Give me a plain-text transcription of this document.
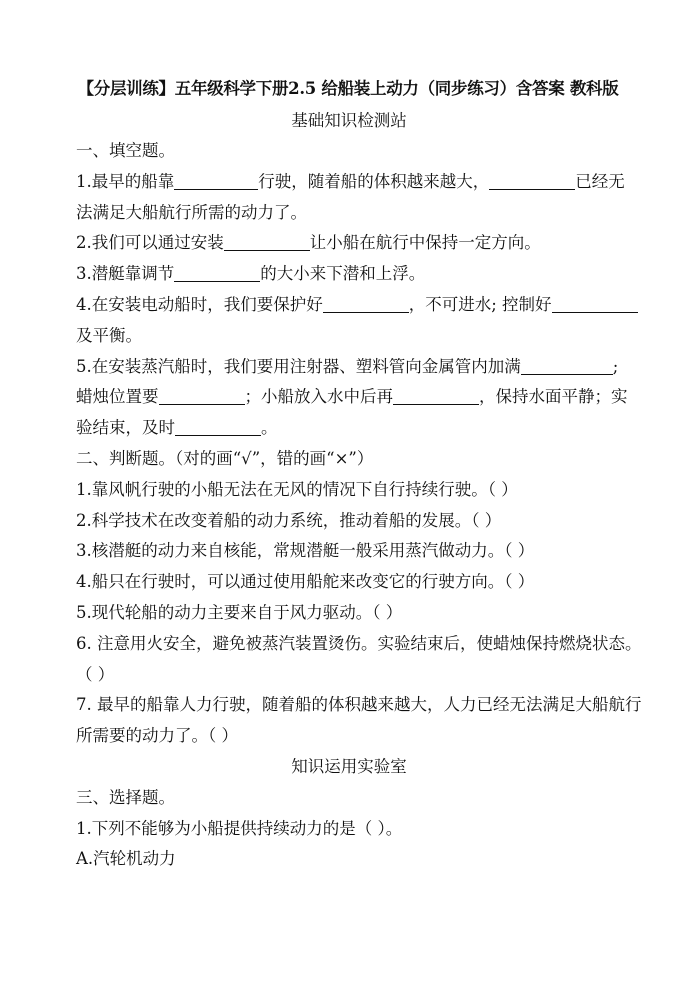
【分层训练】五年级科学下册2.5 给船装上动力（同步练习）含答案 教科版
基础知识检测站
一、填空题。
1.最早的船靠	行驶，随着船的体积越来越大，	已经无
法满足大船航行所需的动力了。
2.我们可以通过安装	让小船在航行中保持一定方向。
3.潜艇靠调节	的大小来下潜和上浮。
4.在安装电动船时，我们要保护好	，不可进水; 控制好
及平衡。
5.在安装蒸汽船时，我们要用注射器、塑料管向金属管内加满	;
蜡烛位置要	；小船放入水中后再	，保持水面平静；实
验结束，及时	。
二、判断题。（对的画“√”，错的画“×”）
1.靠风帆行驶的小船无法在无风的情况下自行持续行驶。（ ）
2.科学技术在改变着船的动力系统，推动着船的发展。（ ）
3.核潜艇的动力来自核能，常规潜艇一般采用蒸汽做动力。（ ）
4.船只在行驶时，可以通过使用船舵来改变它的行驶方向。（ ）
5.现代轮船的动力主要来自于风力驱动。（ ）
6. 注意用火安全，避免被蒸汽装置烫伤。实验结束后，使蜡烛保持燃烧状态。
（ ）
7. 最早的船靠人力行驶，随着船的体积越来越大，人力已经无法满足大船航行
所需要的动力了。（ ）
知识运用实验室
三、选择题。
1.下列不能够为小船提供持续动力的是（ ）。
A.汽轮机动力
